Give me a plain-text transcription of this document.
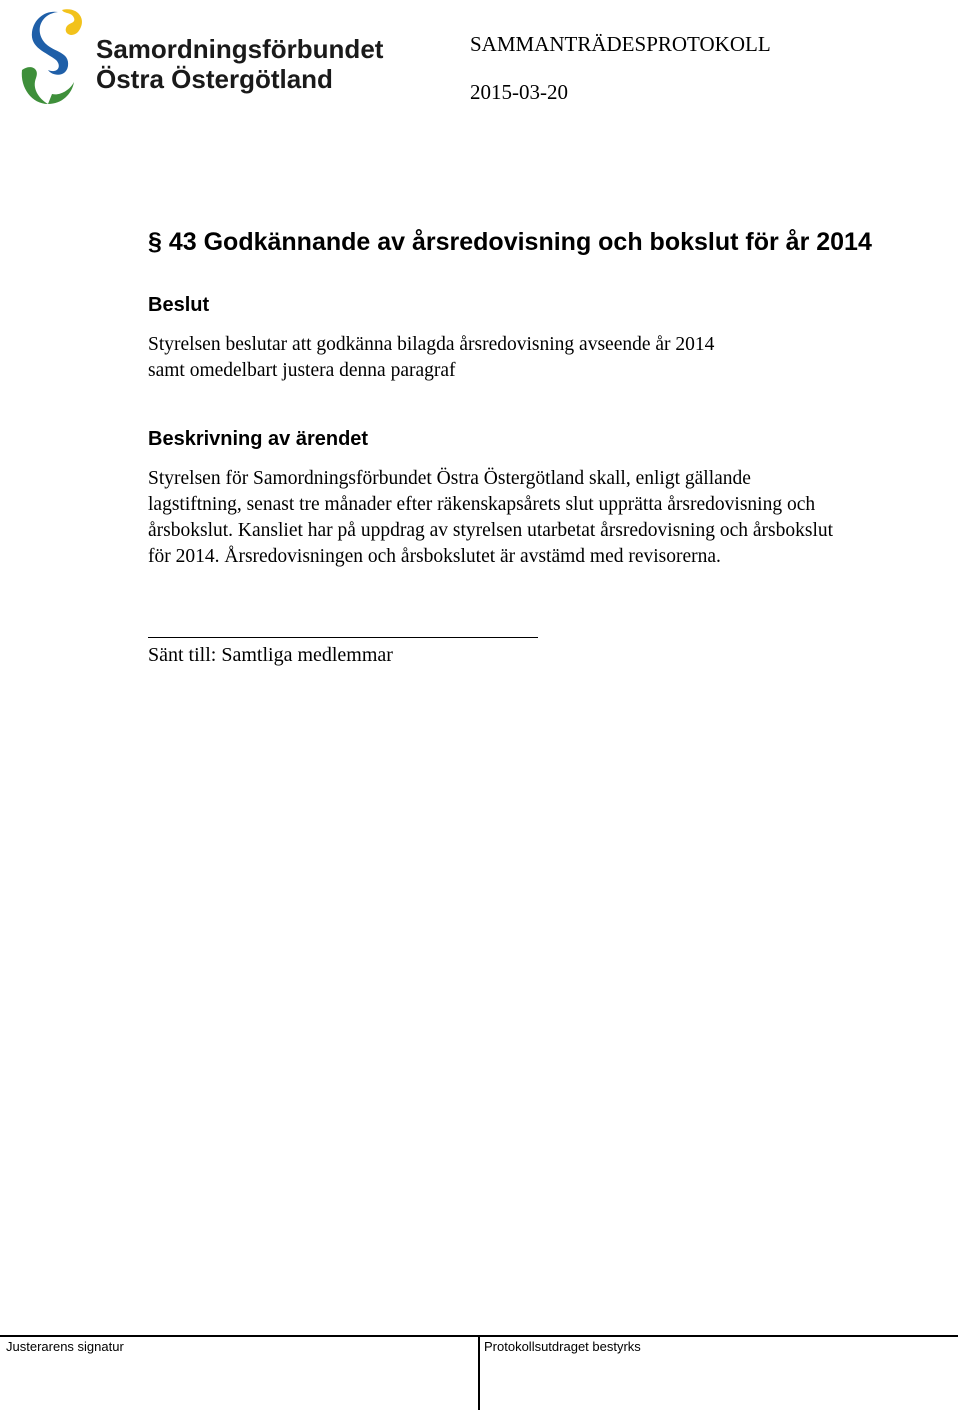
Samordningsförbundet
Östra Östergötland
SAMMANTRÄDESPROTOKOLL
2015-03-20
§ 43 Godkännande av årsredovisning och bokslut för år 2014
Beslut
Styrelsen beslutar att godkänna bilagda årsredovisning avseende år 2014
samt omedelbart justera denna paragraf
Beskrivning av ärendet
Styrelsen för Samordningsförbundet Östra Östergötland skall, enligt gällande lagstiftning, senast tre månader efter räkenskapsårets slut upprätta årsredovisning och årsbokslut. Kansliet har på uppdrag av styrelsen utarbetat årsredovisning och årsbokslut för 2014. Årsredovisningen och årsbokslutet är avstämd med revisorerna.
Sänt till: Samtliga medlemmar
Justerarens signatur	Protokollsutdraget bestyrks
